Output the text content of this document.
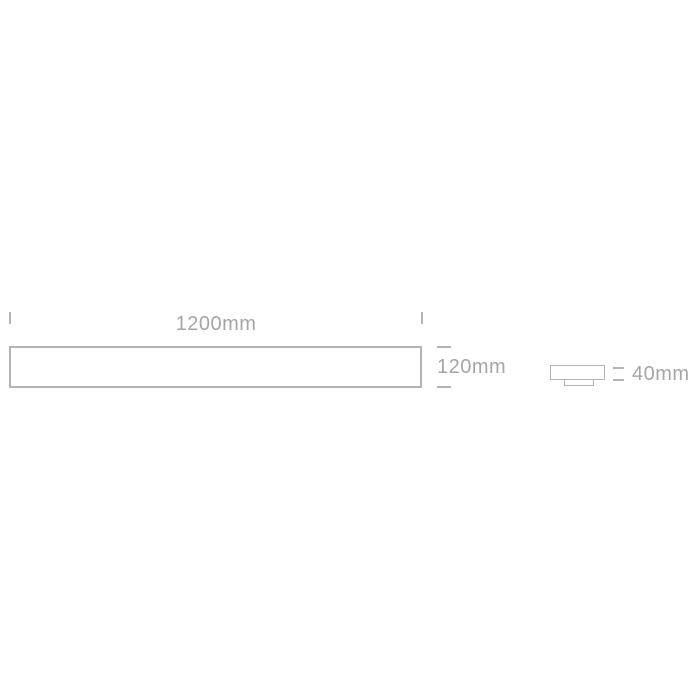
1200mm
120mm	40mm
